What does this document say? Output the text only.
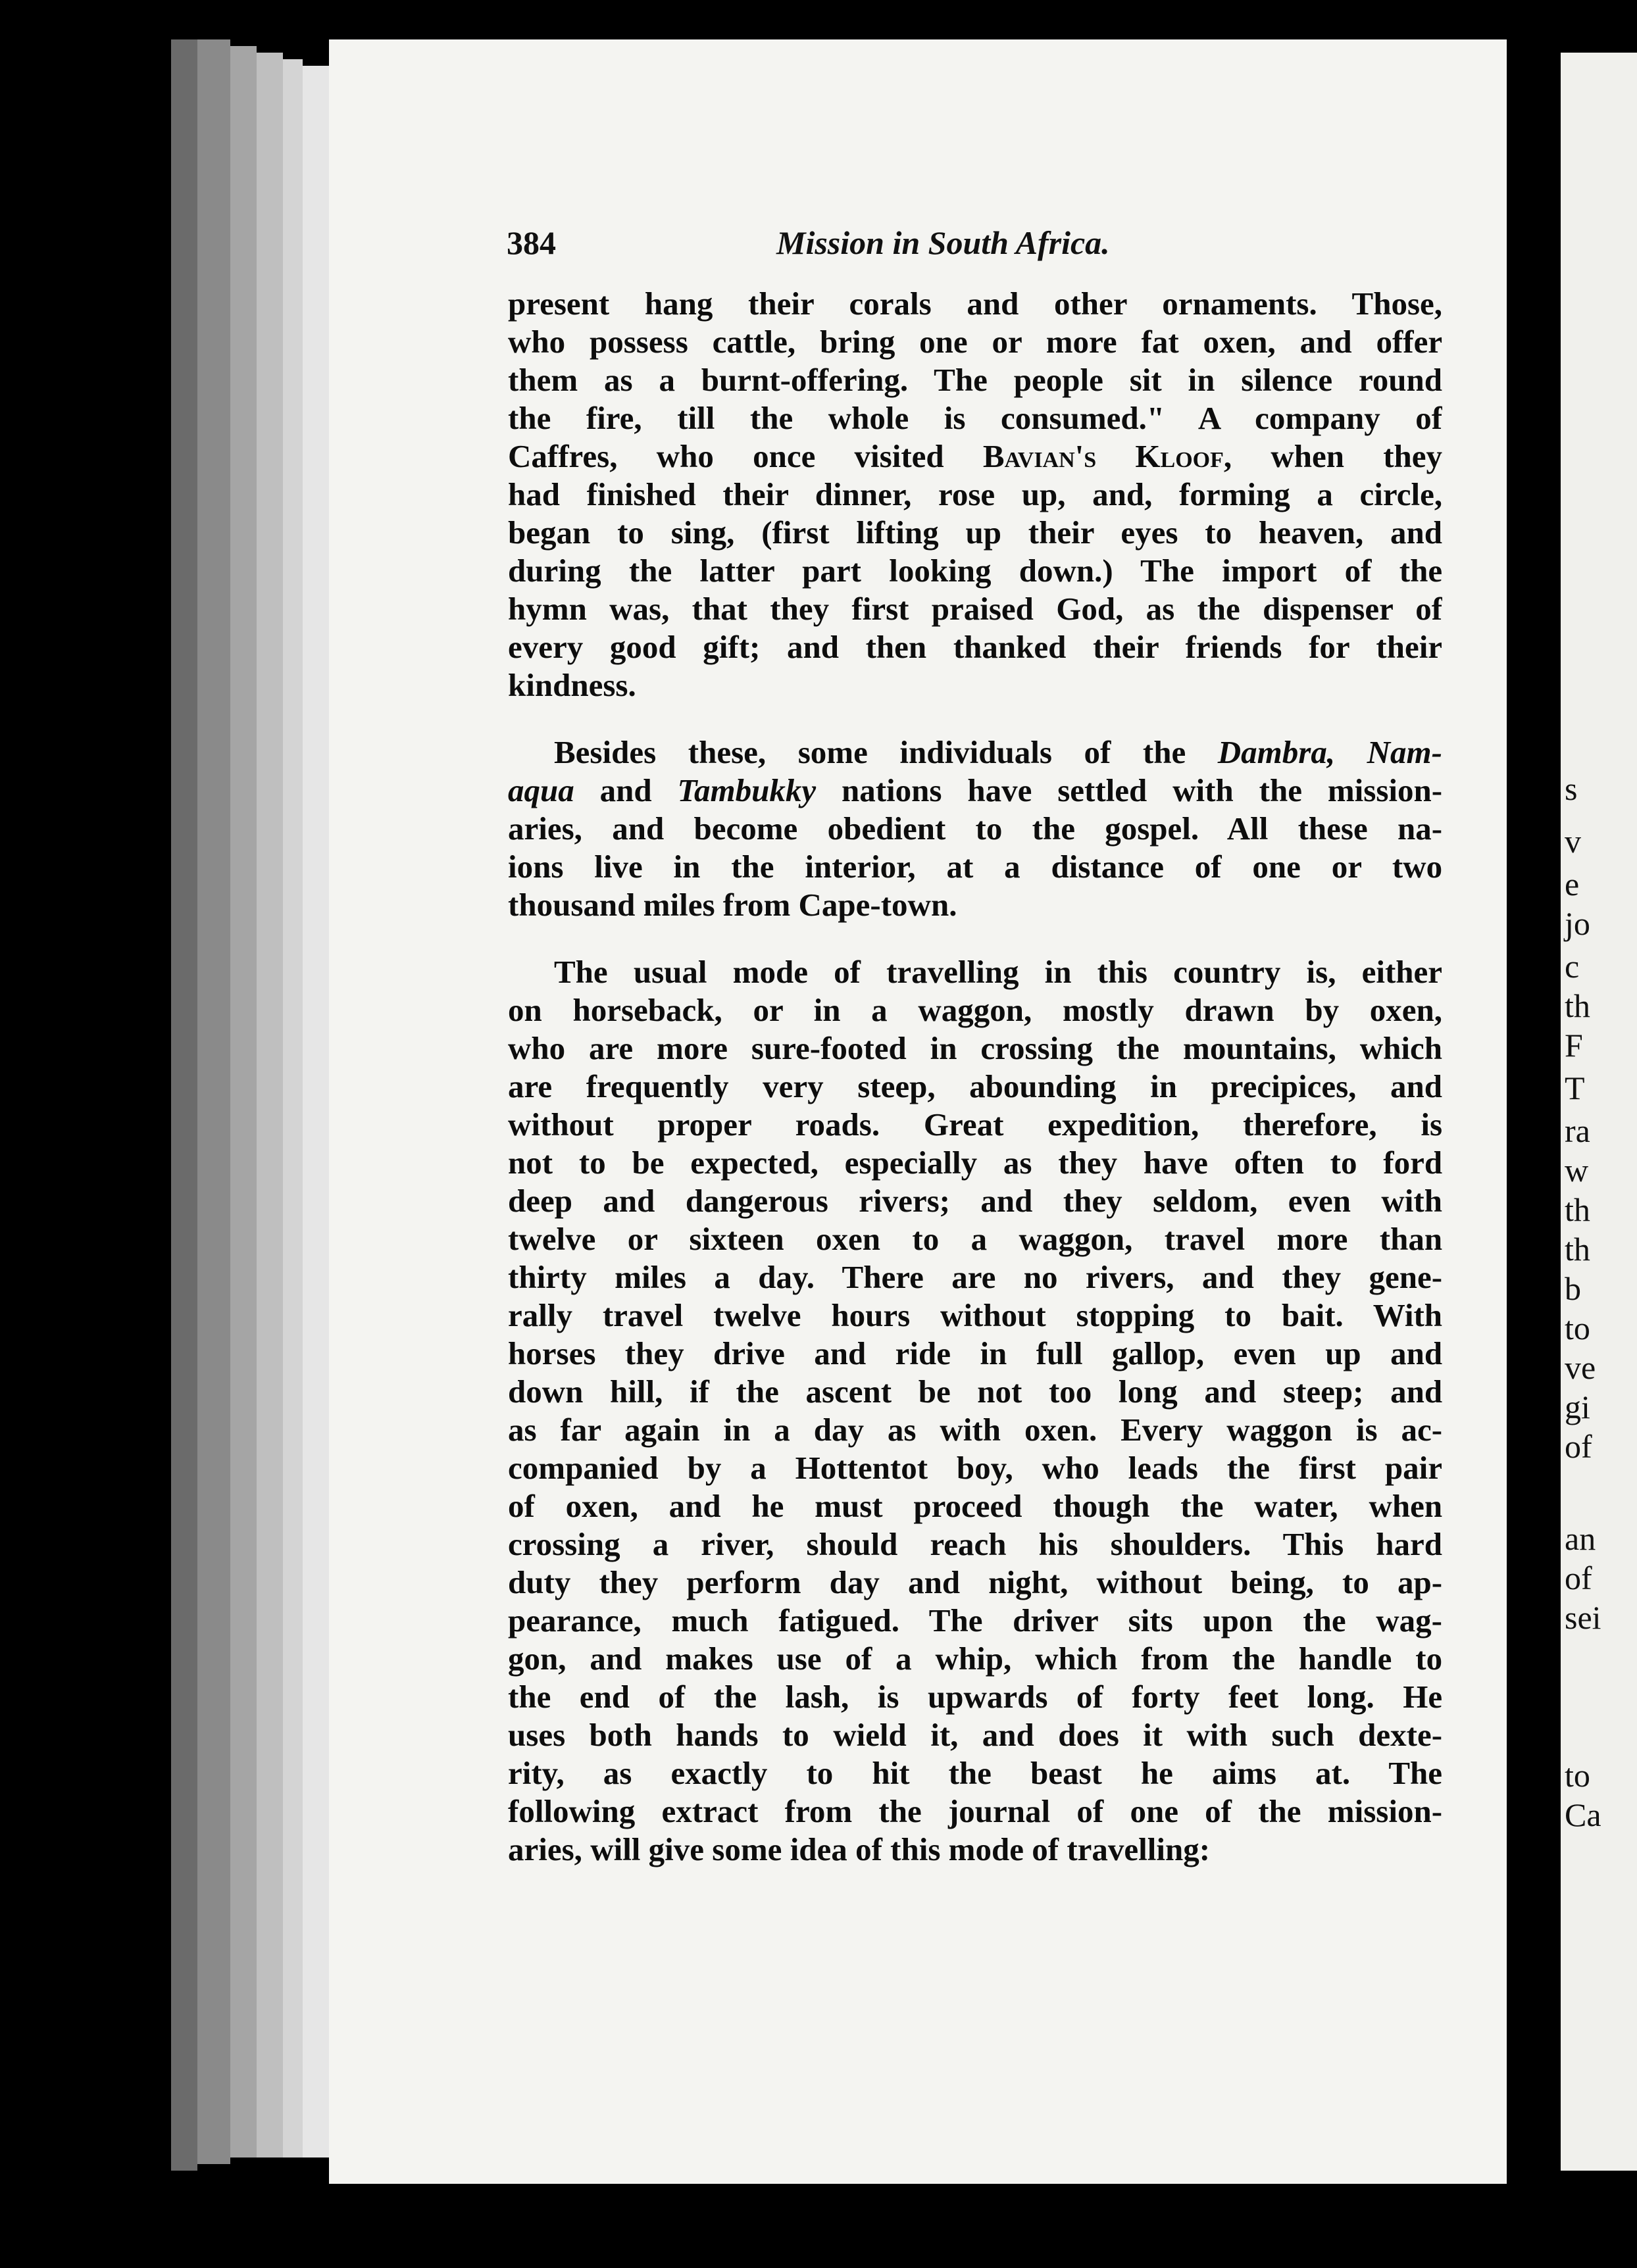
384	Mission in South Africa.
present hang their corals and other ornaments. Those,
who possess cattle, bring one or more fat oxen, and offer
them as a burnt-offering. The people sit in silence round
the fire, till the whole is consumed." A company of
Caffres, who once visited Bavian's Kloof, when they
had finished their dinner, rose up, and, forming a circle,
began to sing, (first lifting up their eyes to heaven, and
during the latter part looking down.) The import of the
hymn was, that they first praised God, as the dispenser of
every good gift; and then thanked their friends for their
kindness.
Besides these, some individuals of the Dambra, Nam-
aqua and Tambukky nations have settled with the mission-
aries, and become obedient to the gospel. All these na-
ions live in the interior, at a distance of one or two
thousand miles from Cape-town.
The usual mode of travelling in this country is, either
on horseback, or in a waggon, mostly drawn by oxen,
who are more sure-footed in crossing the mountains, which
are frequently very steep, abounding in precipices, and
without proper roads. Great expedition, therefore, is
not to be expected, especially as they have often to ford
deep and dangerous rivers; and they seldom, even with
twelve or sixteen oxen to a waggon, travel more than
thirty miles a day. There are no rivers, and they gene-
rally travel twelve hours without stopping to bait. With
horses they drive and ride in full gallop, even up and
down hill, if the ascent be not too long and steep; and
as far again in a day as with oxen. Every waggon is ac-
companied by a Hottentot boy, who leads the first pair
of oxen, and he must proceed though the water, when
crossing a river, should reach his shoulders. This hard
duty they perform day and night, without being, to ap-
pearance, much fatigued. The driver sits upon the wag-
gon, and makes use of a whip, which from the handle to
the end of the lash, is upwards of forty feet long. He
uses both hands to wield it, and does it with such dexte-
rity, as exactly to hit the beast he aims at. The
following extract from the journal of one of the mission-
aries, will give some idea of this mode of travelling:
s
v
e
jo
c
th
F
T
ra
w
th
th
b
to
ve
gi
of
an
of
sei
to
Ca
